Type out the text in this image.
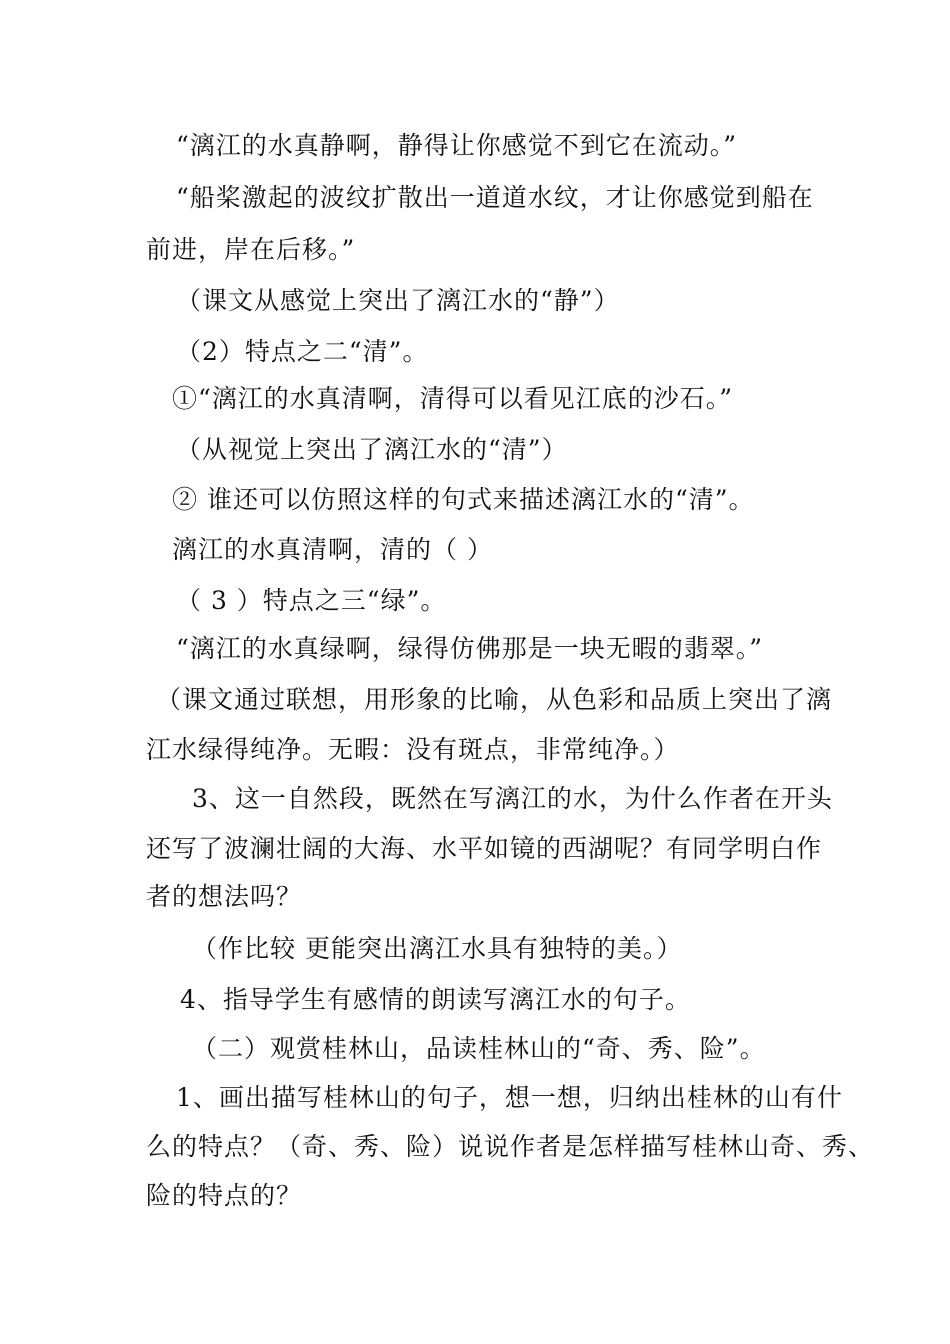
“漓江的水真静啊，静得让你感觉不到它在流动。”
“船桨激起的波纹扩散出一道道水纹，才让你感觉到船在
前进，岸在后移。”
（课文从感觉上突出了漓江水的“静”）
（2）特点之二“清”。
①“漓江的水真清啊，清得可以看见江底的沙石。”
（从视觉上突出了漓江水的“清”）
② 谁还可以仿照这样的句式来描述漓江水的“清”。
漓江的水真清啊，清的（ ）
（ 3 ）特点之三“绿”。
“漓江的水真绿啊，绿得仿佛那是一块无暇的翡翠。”
（课文通过联想，用形象的比喻，从色彩和品质上突出了漓
江水绿得纯净。无暇：没有斑点，非常纯净。）
3、这一自然段，既然在写漓江的水，为什么作者在开头
还写了波澜壮阔的大海、水平如镜的西湖呢？有同学明白作
者的想法吗？
（作比较 更能突出漓江水具有独特的美。）
4、指导学生有感情的朗读写漓江水的句子。
（二）观赏桂林山，品读桂林山的“奇、秀、险”。
1、画出描写桂林山的句子，想一想，归纳出桂林的山有什
么的特点？（奇、秀、险）说说作者是怎样描写桂林山奇、秀、
险的特点的？
